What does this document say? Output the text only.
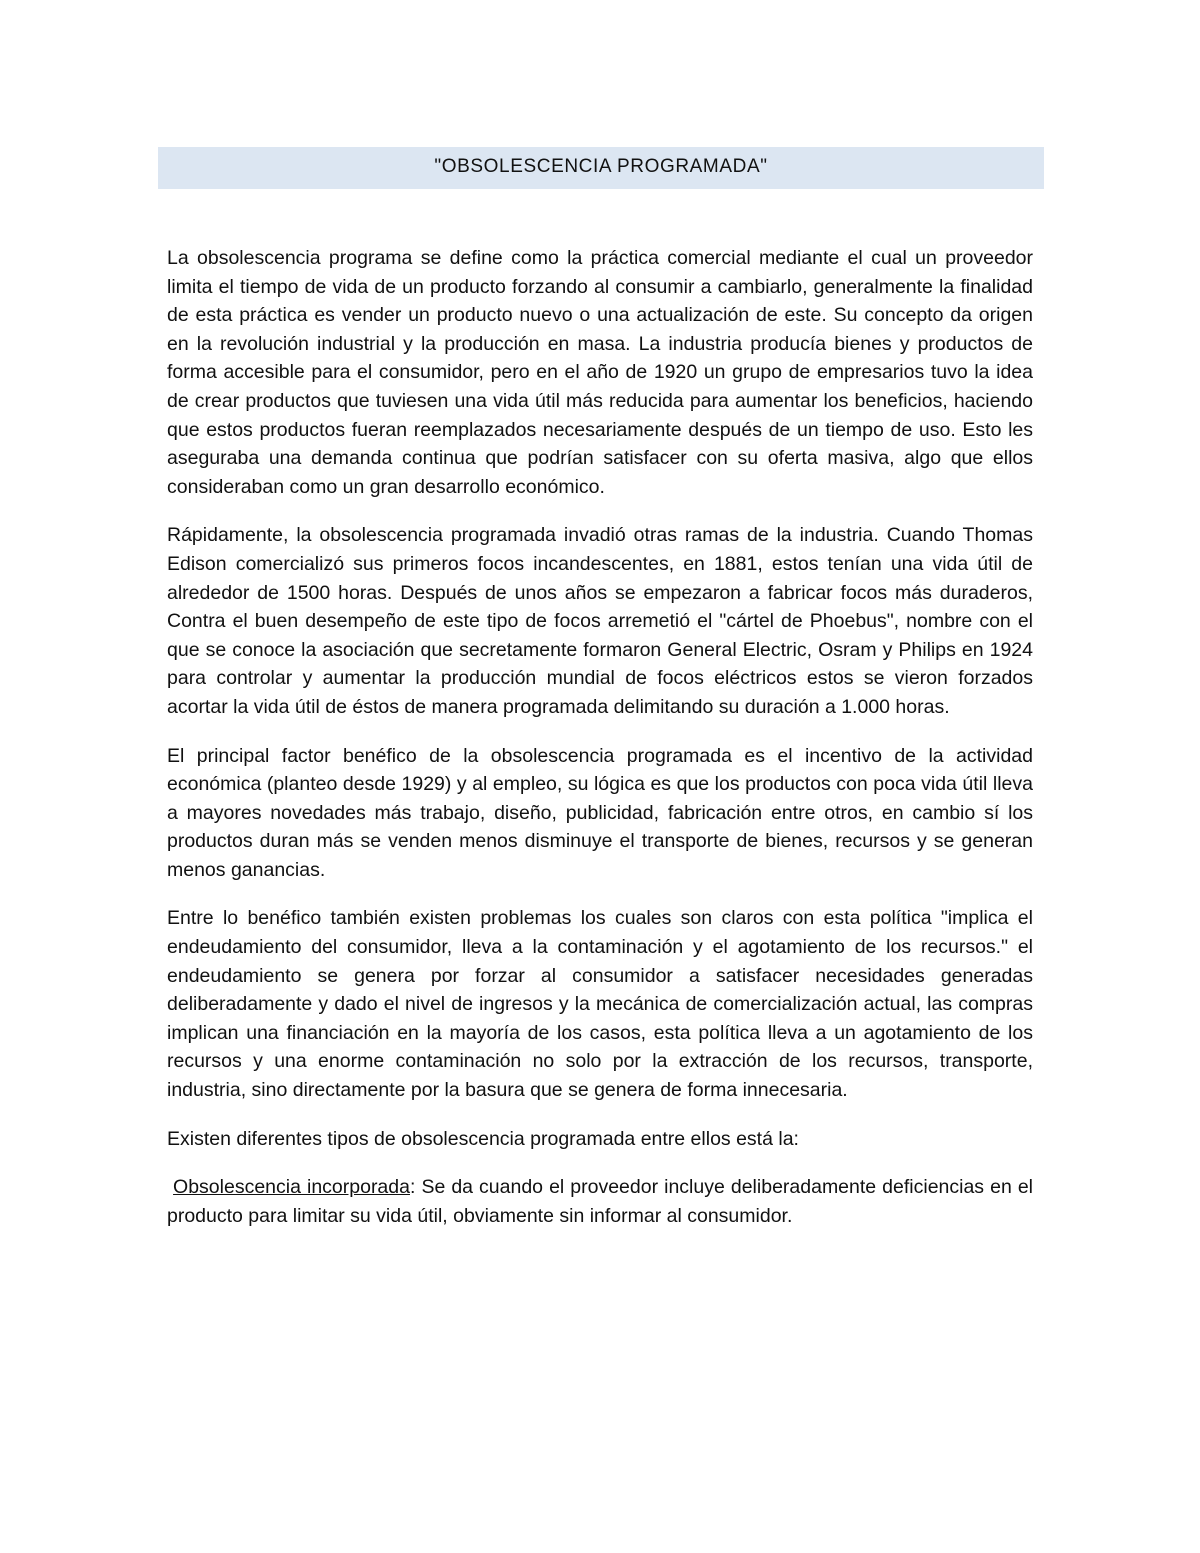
"OBSOLESCENCIA PROGRAMADA"

La obsolescencia programa se define como la práctica comercial mediante el cual un proveedor limita el tiempo de vida de un producto forzando al consumir a cambiarlo, generalmente la finalidad de esta práctica es vender un producto nuevo o una actualización de este. Su concepto da origen en la revolución industrial y la producción en masa. La industria producía bienes y productos de forma accesible para el consumidor, pero en el año de 1920 un grupo de empresarios tuvo la idea de crear productos que tuviesen una vida útil más reducida para aumentar los beneficios, haciendo que estos productos fueran reemplazados necesariamente después de un tiempo de uso. Esto les aseguraba una demanda continua que podrían satisfacer con su oferta masiva, algo que ellos consideraban como un gran desarrollo económico.

Rápidamente, la obsolescencia programada invadió otras ramas de la industria. Cuando Thomas Edison comercializó sus primeros focos incandescentes, en 1881, estos tenían una vida útil de alrededor de 1500 horas. Después de unos años se empezaron a fabricar focos más duraderos, Contra el buen desempeño de este tipo de focos arremetió el "cártel de Phoebus", nombre con el que se conoce la asociación que secretamente formaron General Electric, Osram y Philips en 1924 para controlar y aumentar la producción mundial de focos eléctricos estos se vieron forzados acortar la vida útil de éstos de manera programada delimitando su duración a 1.000 horas.

El principal factor benéfico de la obsolescencia programada es el incentivo de la actividad económica (planteo desde 1929) y al empleo, su lógica es que los productos con poca vida útil lleva a mayores novedades más trabajo, diseño, publicidad, fabricación entre otros, en cambio sí los productos duran más se venden menos disminuye el transporte de bienes, recursos y se generan menos ganancias.

Entre lo benéfico también existen problemas los cuales son claros con esta política "implica el endeudamiento del consumidor, lleva a la contaminación y el agotamiento de los recursos." el endeudamiento se genera por forzar al consumidor a satisfacer necesidades generadas deliberadamente y dado el nivel de ingresos y la mecánica de comercialización actual, las compras implican una financiación en la mayoría de los casos, esta política lleva a un agotamiento de los recursos y una enorme contaminación no solo por la extracción de los recursos, transporte, industria, sino directamente por la basura que se genera de forma innecesaria.

Existen diferentes tipos de obsolescencia programada entre ellos está la:

Obsolescencia incorporada: Se da cuando el proveedor incluye deliberadamente deficiencias en el producto para limitar su vida útil, obviamente sin informar al consumidor.
